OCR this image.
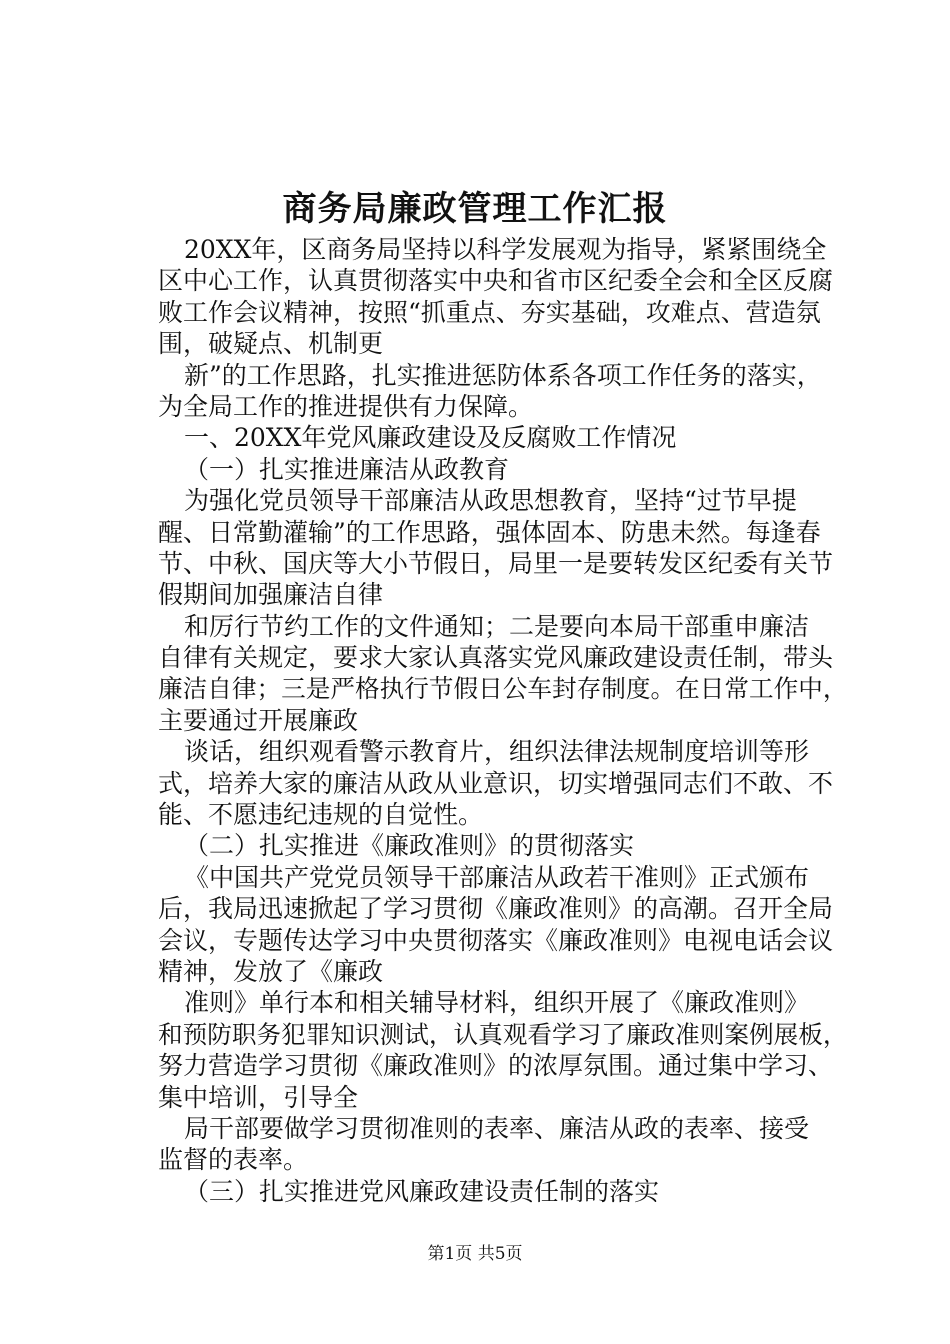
商务局廉政管理工作汇报
20XX年，区商务局坚持以科学发展观为指导，紧紧围绕全
区中心工作，认真贯彻落实中央和省市区纪委全会和全区反腐
败工作会议精神，按照“抓重点、夯实基础，攻难点、营造氛
围，破疑点、机制更
新”的工作思路，扎实推进惩防体系各项工作任务的落实，
为全局工作的推进提供有力保障。
一、20XX年党风廉政建设及反腐败工作情况
（一）扎实推进廉洁从政教育
为强化党员领导干部廉洁从政思想教育，坚持“过节早提
醒、日常勤灌输”的工作思路，强体固本、防患未然。每逢春
节、中秋、国庆等大小节假日，局里一是要转发区纪委有关节
假期间加强廉洁自律
和厉行节约工作的文件通知；二是要向本局干部重申廉洁
自律有关规定，要求大家认真落实党风廉政建设责任制，带头
廉洁自律；三是严格执行节假日公车封存制度。在日常工作中，
主要通过开展廉政
谈话，组织观看警示教育片，组织法律法规制度培训等形
式，培养大家的廉洁从政从业意识，切实增强同志们不敢、不
能、不愿违纪违规的自觉性。
（二）扎实推进《廉政准则》的贯彻落实
《中国共产党党员领导干部廉洁从政若干准则》正式颁布
后，我局迅速掀起了学习贯彻《廉政准则》的高潮。召开全局
会议，专题传达学习中央贯彻落实《廉政准则》电视电话会议
精神，发放了《廉政
准则》单行本和相关辅导材料，组织开展了《廉政准则》
和预防职务犯罪知识测试，认真观看学习了廉政准则案例展板，
努力营造学习贯彻《廉政准则》的浓厚氛围。通过集中学习、
集中培训，引导全
局干部要做学习贯彻准则的表率、廉洁从政的表率、接受
监督的表率。
（三）扎实推进党风廉政建设责任制的落实
第1页 共5页
